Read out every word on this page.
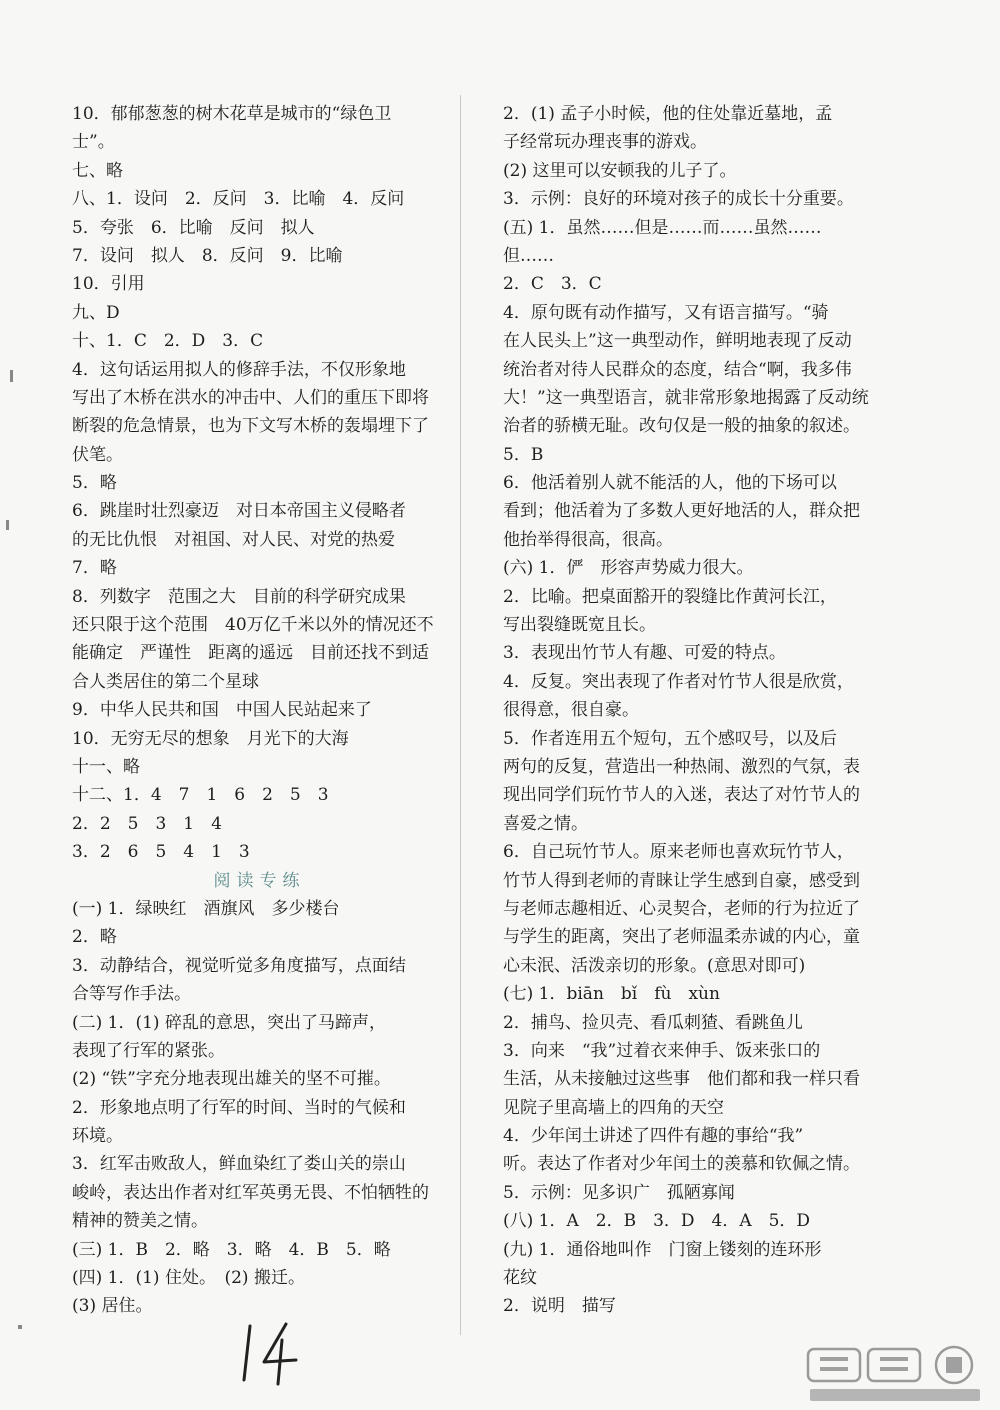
10．郁郁葱葱的树木花草是城市的“绿色卫
士”。
七、略
八、1．设问　2．反问　3．比喻　4．反问
5．夸张　6．比喻　反问　拟人
7．设问　拟人　8．反问　9．比喻
10．引用
九、D
十、1．C　2．D　3．C
4．这句话运用拟人的修辞手法，不仅形象地
写出了木桥在洪水的冲击中、人们的重压下即将
断裂的危急情景，也为下文写木桥的轰塌埋下了
伏笔。
5．略
6．跳崖时壮烈豪迈　对日本帝国主义侵略者
的无比仇恨　对祖国、对人民、对党的热爱
7．略
8．列数字　范围之大　目前的科学研究成果
还只限于这个范围　40万亿千米以外的情况还不
能确定　严谨性　距离的遥远　目前还找不到适
合人类居住的第二个星球
9．中华人民共和国　中国人民站起来了
10．无穷无尽的想象　月光下的大海
十一、略
十二、1．4　7　1　6　2　5　3
2．2　5　3　1　4
3．2　6　5　4　1　3
阅读专练
(一) 1．绿映红　酒旗风　多少楼台
2．略
3．动静结合，视觉听觉多角度描写，点面结
合等写作手法。
(二) 1．(1) 碎乱的意思，突出了马蹄声，
表现了行军的紧张。
(2) “铁”字充分地表现出雄关的坚不可摧。
2．形象地点明了行军的时间、当时的气候和
环境。
3．红军击败敌人，鲜血染红了娄山关的崇山
峻岭，表达出作者对红军英勇无畏、不怕牺牲的
精神的赞美之情。
(三) 1．B　2．略　3．略　4．B　5．略
(四) 1．(1) 住处。　(2) 搬迁。
(3) 居住。
2．(1) 孟子小时候，他的住处靠近墓地，孟
子经常玩办理丧事的游戏。
(2) 这里可以安顿我的儿子了。
3．示例：良好的环境对孩子的成长十分重要。
(五) 1．虽然……但是……而……虽然……
但……
2．C　3．C
4．原句既有动作描写，又有语言描写。“骑
在人民头上”这一典型动作，鲜明地表现了反动
统治者对待人民群众的态度，结合“啊，我多伟
大！”这一典型语言，就非常形象地揭露了反动统
治者的骄横无耻。改句仅是一般的抽象的叙述。
5．B
6．他活着别人就不能活的人，他的下场可以
看到；他活着为了多数人更好地活的人，群众把
他抬举得很高，很高。
(六) 1．俨　形容声势威力很大。
2．比喻。把桌面豁开的裂缝比作黄河长江，
写出裂缝既宽且长。
3．表现出竹节人有趣、可爱的特点。
4．反复。突出表现了作者对竹节人很是欣赏，
很得意，很自豪。
5．作者连用五个短句，五个感叹号，以及后
两句的反复，营造出一种热闹、激烈的气氛，表
现出同学们玩竹节人的入迷，表达了对竹节人的
喜爱之情。
6．自己玩竹节人。原来老师也喜欢玩竹节人，
竹节人得到老师的青睐让学生感到自豪，感受到
与老师志趣相近、心灵契合，老师的行为拉近了
与学生的距离，突出了老师温柔赤诚的内心，童
心未泯、活泼亲切的形象。(意思对即可)
(七) 1．biān　bǐ　fù　xùn
2．捕鸟、捡贝壳、看瓜刺猹、看跳鱼儿
3．向来　“我”过着衣来伸手、饭来张口的
生活，从未接触过这些事　他们都和我一样只看
见院子里高墙上的四角的天空
4．少年闰土讲述了四件有趣的事给“我”
听。表达了作者对少年闰土的羡慕和钦佩之情。
5．示例：见多识广　孤陋寡闻
(八) 1．A　2．B　3．D　4．A　5．D
(九) 1．通俗地叫作　门窗上镂刻的连环形
花纹
2．说明　描写
